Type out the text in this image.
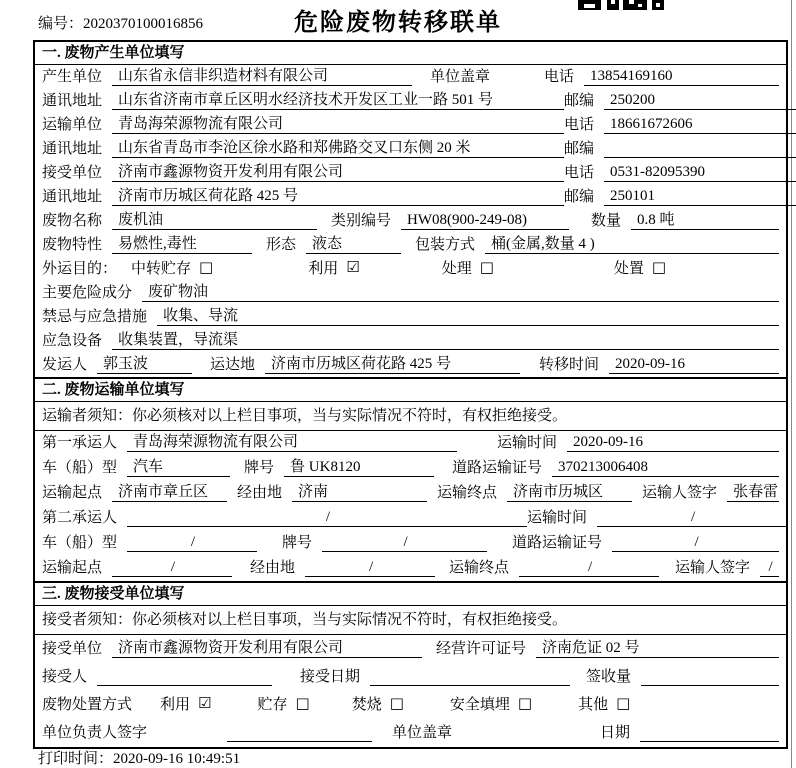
编号：2020370100016856	危险废物转移联单
一. 废物产生单位填写
产生单位	山东省永信非织造材料有限公司	单位盖章	电话	13854169160
通讯地址	山东省济南市章丘区明水经济技术开发区工业一路 501 号	邮编	250200
运输单位	青岛海荣源物流有限公司	电话	18661672606
通讯地址	山东省青岛市李沧区徐水路和郑佛路交叉口东侧 20 米	邮编
接受单位	济南市鑫源物资开发利用有限公司	电话	0531-82095390
通讯地址	济南市历城区荷花路 425 号	邮编	250101
废物名称	废机油	类别编号	HW08(900-249-08)	数量	0.8 吨
废物特性	易燃性,毒性	形态	液态	包装方式	桶(金属,数量 4 )
外运目的： 中转贮存 □	利用 ☑	处理 □	处置 □
主要危险成分	废矿物油
禁忌与应急措施	收集、导流
应急设备	收集装置，导流渠
发运人	郭玉波	运达地	济南市历城区荷花路 425 号	转移时间	2020-09-16
二. 废物运输单位填写
运输者须知：你必须核对以上栏目事项，当与实际情况不符时，有权拒绝接受。
第一承运人	青岛海荣源物流有限公司	运输时间	2020-09-16
车（船）型	汽车	牌号	鲁 UK8120	道路运输证号	370213006408
运输起点	济南市章丘区	经由地	济南	运输终点	济南市历城区	运输人签字	张春雷
第二承运人	/	运输时间	/
车（船）型	/	牌号	/	道路运输证号	/
运输起点	/	经由地	/	运输终点	/	运输人签字	/
三. 废物接受单位填写
接受者须知：你必须核对以上栏目事项，当与实际情况不符时，有权拒绝接受。
接受单位	济南市鑫源物资开发利用有限公司	经营许可证号	济南危证 02 号
接受人	接受日期	签收量
废物处置方式 利用 ☑	贮存 □	焚烧 □	安全填埋 □	其他 □
单位负责人签字	单位盖章	日期
打印时间：2020-09-16 10:49:51
